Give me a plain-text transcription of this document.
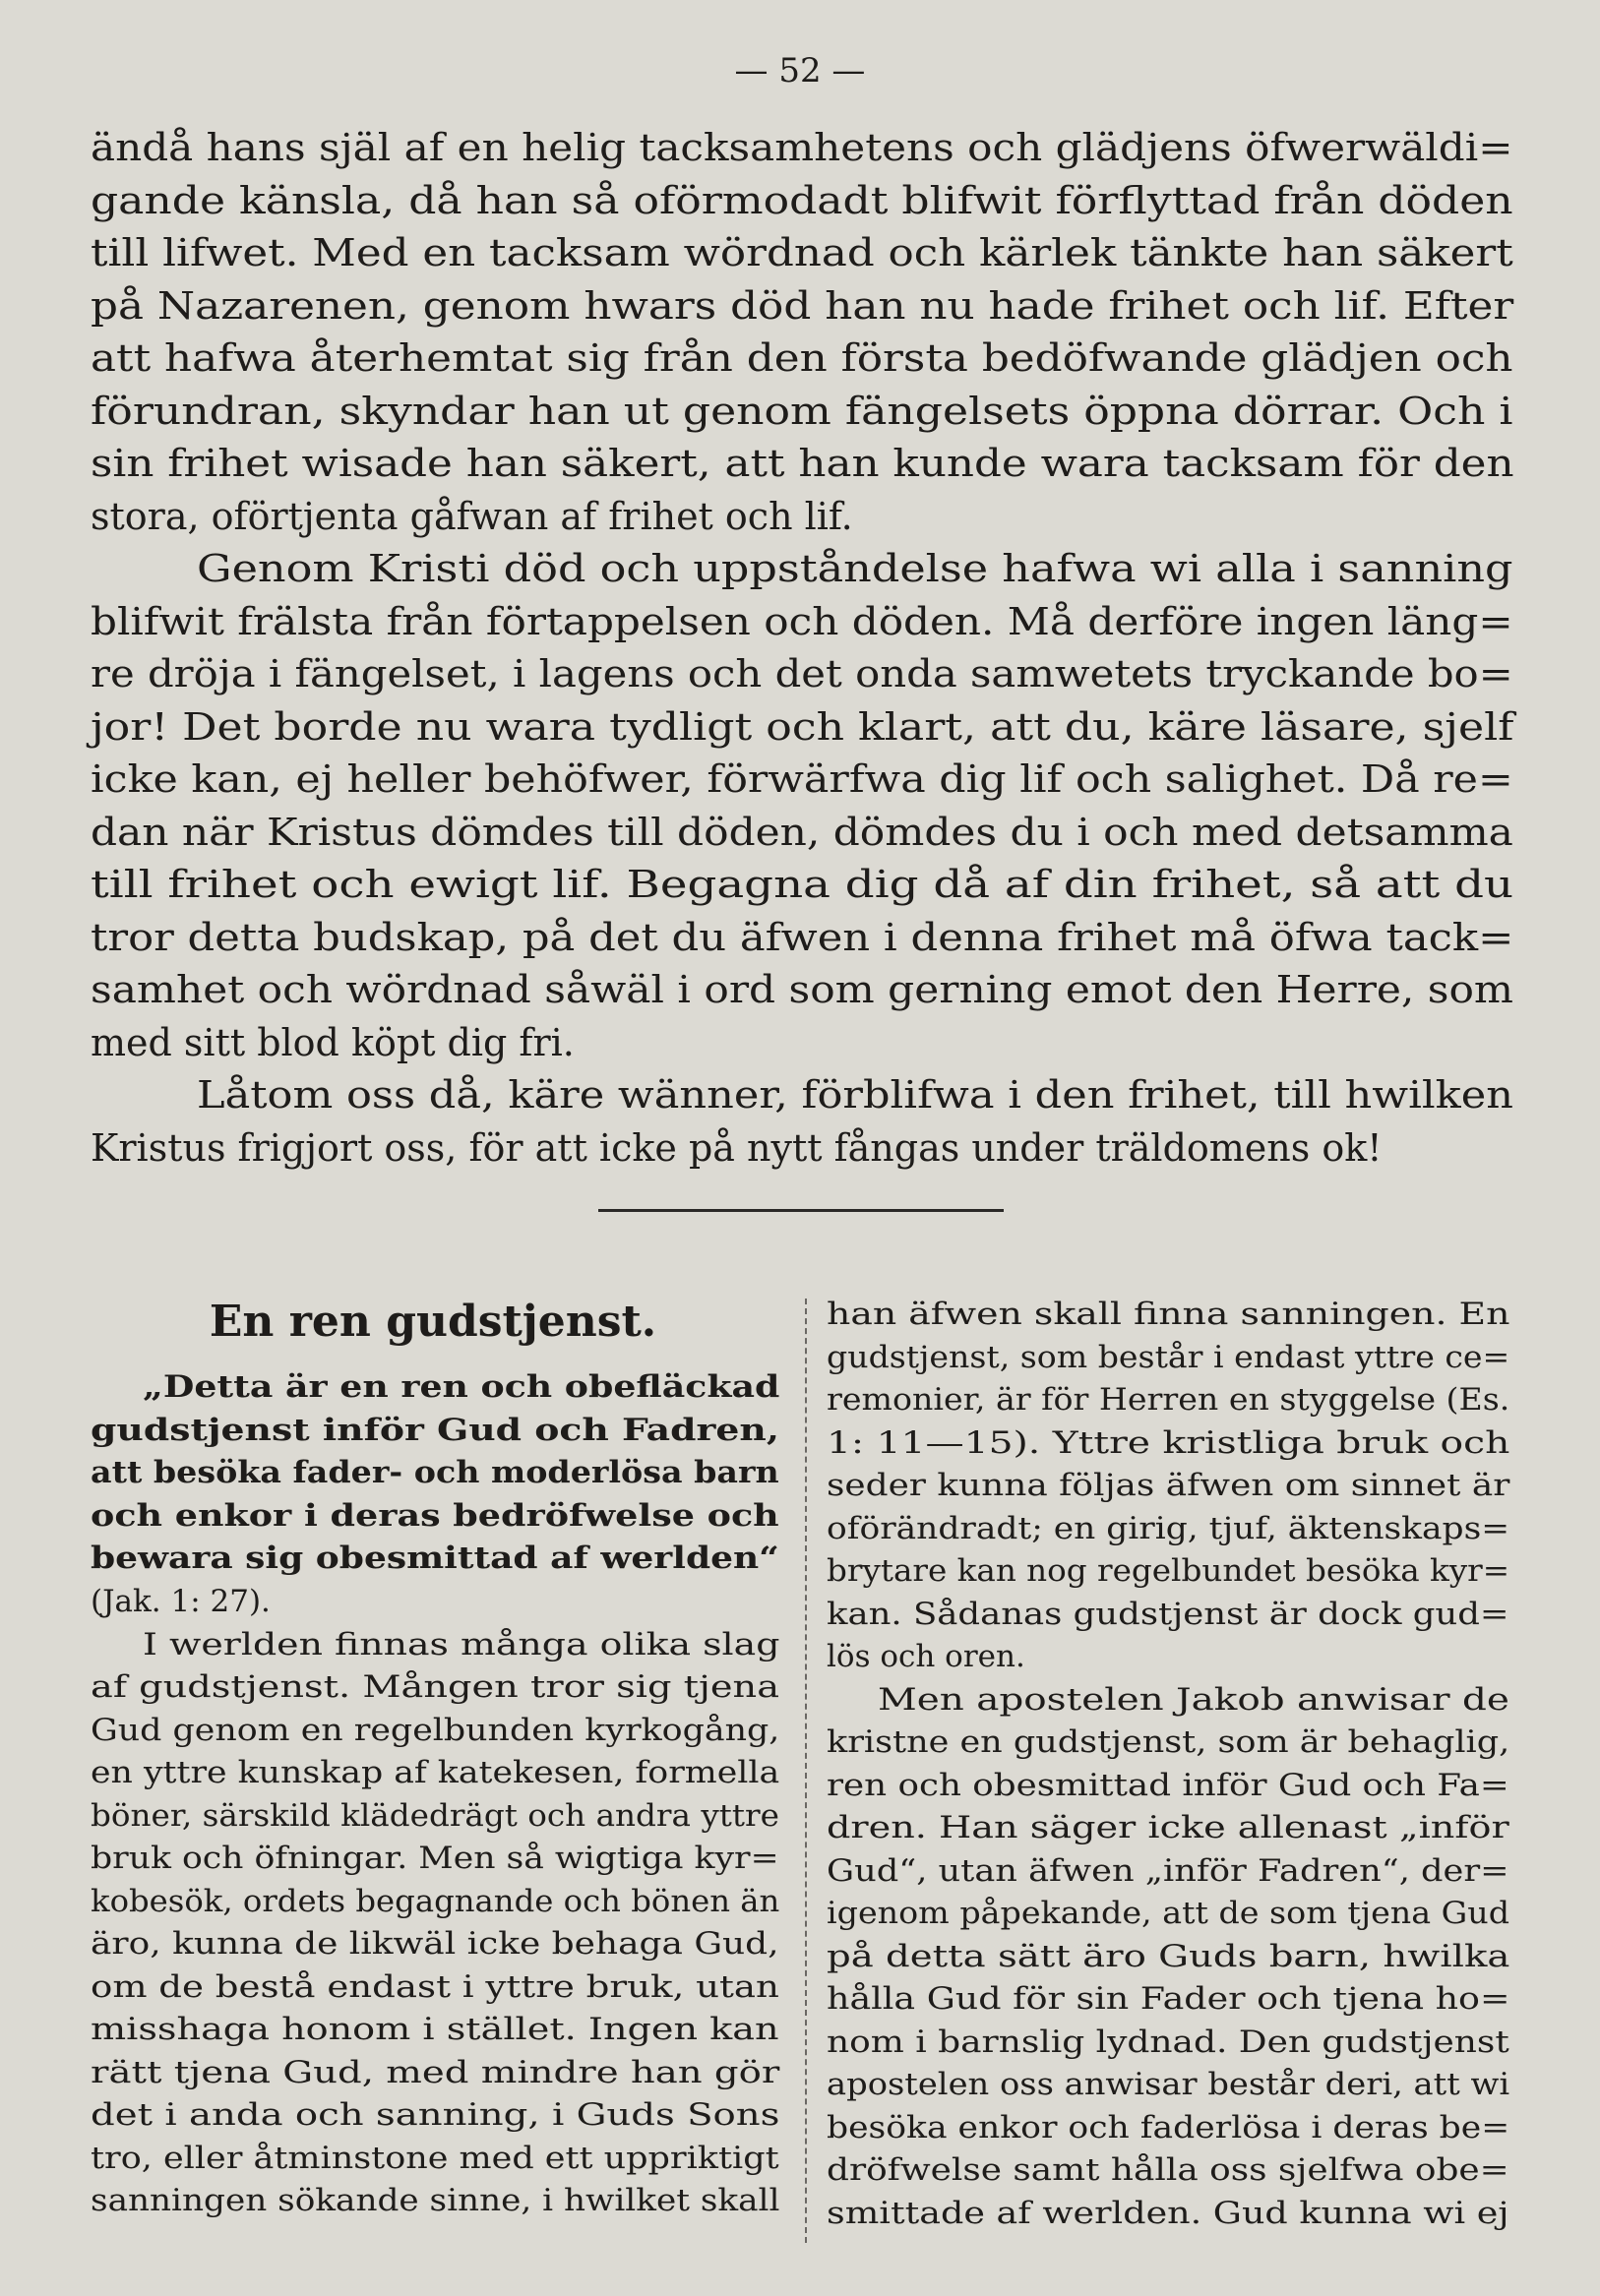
— 52 —
ändå hans själ af en helig tacksamhetens och glädjens öfwerwäldi=
gande känsla, då han så oförmodadt blifwit förflyttad från döden
till lifwet. Med en tacksam wördnad och kärlek tänkte han säkert
på Nazarenen, genom hwars död han nu hade frihet och lif. Efter
att hafwa återhemtat sig från den första bedöfwande glädjen och
förundran, skyndar han ut genom fängelsets öppna dörrar. Och i
sin frihet wisade han säkert, att han kunde wara tacksam för den
stora, oförtjenta gåfwan af frihet och lif.
Genom Kristi död och uppståndelse hafwa wi alla i sanning
blifwit frälsta från förtappelsen och döden. Må derföre ingen läng=
re dröja i fängelset, i lagens och det onda samwetets tryckande bo=
jor! Det borde nu wara tydligt och klart, att du, käre läsare, sjelf
icke kan, ej heller behöfwer, förwärfwa dig lif och salighet. Då re=
dan när Kristus dömdes till döden, dömdes du i och med detsamma
till frihet och ewigt lif. Begagna dig då af din frihet, så att du
tror detta budskap, på det du äfwen i denna frihet må öfwa tack=
samhet och wördnad såwäl i ord som gerning emot den Herre, som
med sitt blod köpt dig fri.
Låtom oss då, käre wänner, förblifwa i den frihet, till hwilken
Kristus frigjort oss, för att icke på nytt fångas under träldomens ok!
En ren gudstjenst.
„Detta är en ren och obefläckad
gudstjenst inför Gud och Fadren,
att besöka fader- och moderlösa barn
och enkor i deras bedröfwelse och
bewara sig obesmittad af werlden“
(Jak. 1: 27).
I werlden finnas många olika slag
af gudstjenst. Mången tror sig tjena
Gud genom en regelbunden kyrkogång,
en yttre kunskap af katekesen, formella
böner, särskild klädedrägt och andra yttre
bruk och öfningar. Men så wigtiga kyr=
kobesök, ordets begagnande och bönen än
äro, kunna de likwäl icke behaga Gud,
om de bestå endast i yttre bruk, utan
misshaga honom i stället. Ingen kan
rätt tjena Gud, med mindre han gör
det i anda och sanning, i Guds Sons
tro, eller åtminstone med ett uppriktigt
sanningen sökande sinne, i hwilket skall
han äfwen skall finna sanningen. En
gudstjenst, som består i endast yttre ce=
remonier, är för Herren en styggelse (Es.
1: 11—15). Yttre kristliga bruk och
seder kunna följas äfwen om sinnet är
oförändradt; en girig, tjuf, äktenskaps=
brytare kan nog regelbundet besöka kyr=
kan. Sådanas gudstjenst är dock gud=
lös och oren.
Men apostelen Jakob anwisar de
kristne en gudstjenst, som är behaglig,
ren och obesmittad inför Gud och Fa=
dren. Han säger icke allenast „inför
Gud“, utan äfwen „inför Fadren“, der=
igenom påpekande, att de som tjena Gud
på detta sätt äro Guds barn, hwilka
hålla Gud för sin Fader och tjena ho=
nom i barnslig lydnad. Den gudstjenst
apostelen oss anwisar består deri, att wi
besöka enkor och faderlösa i deras be=
dröfwelse samt hålla oss sjelfwa obe=
smittade af werlden. Gud kunna wi ej
